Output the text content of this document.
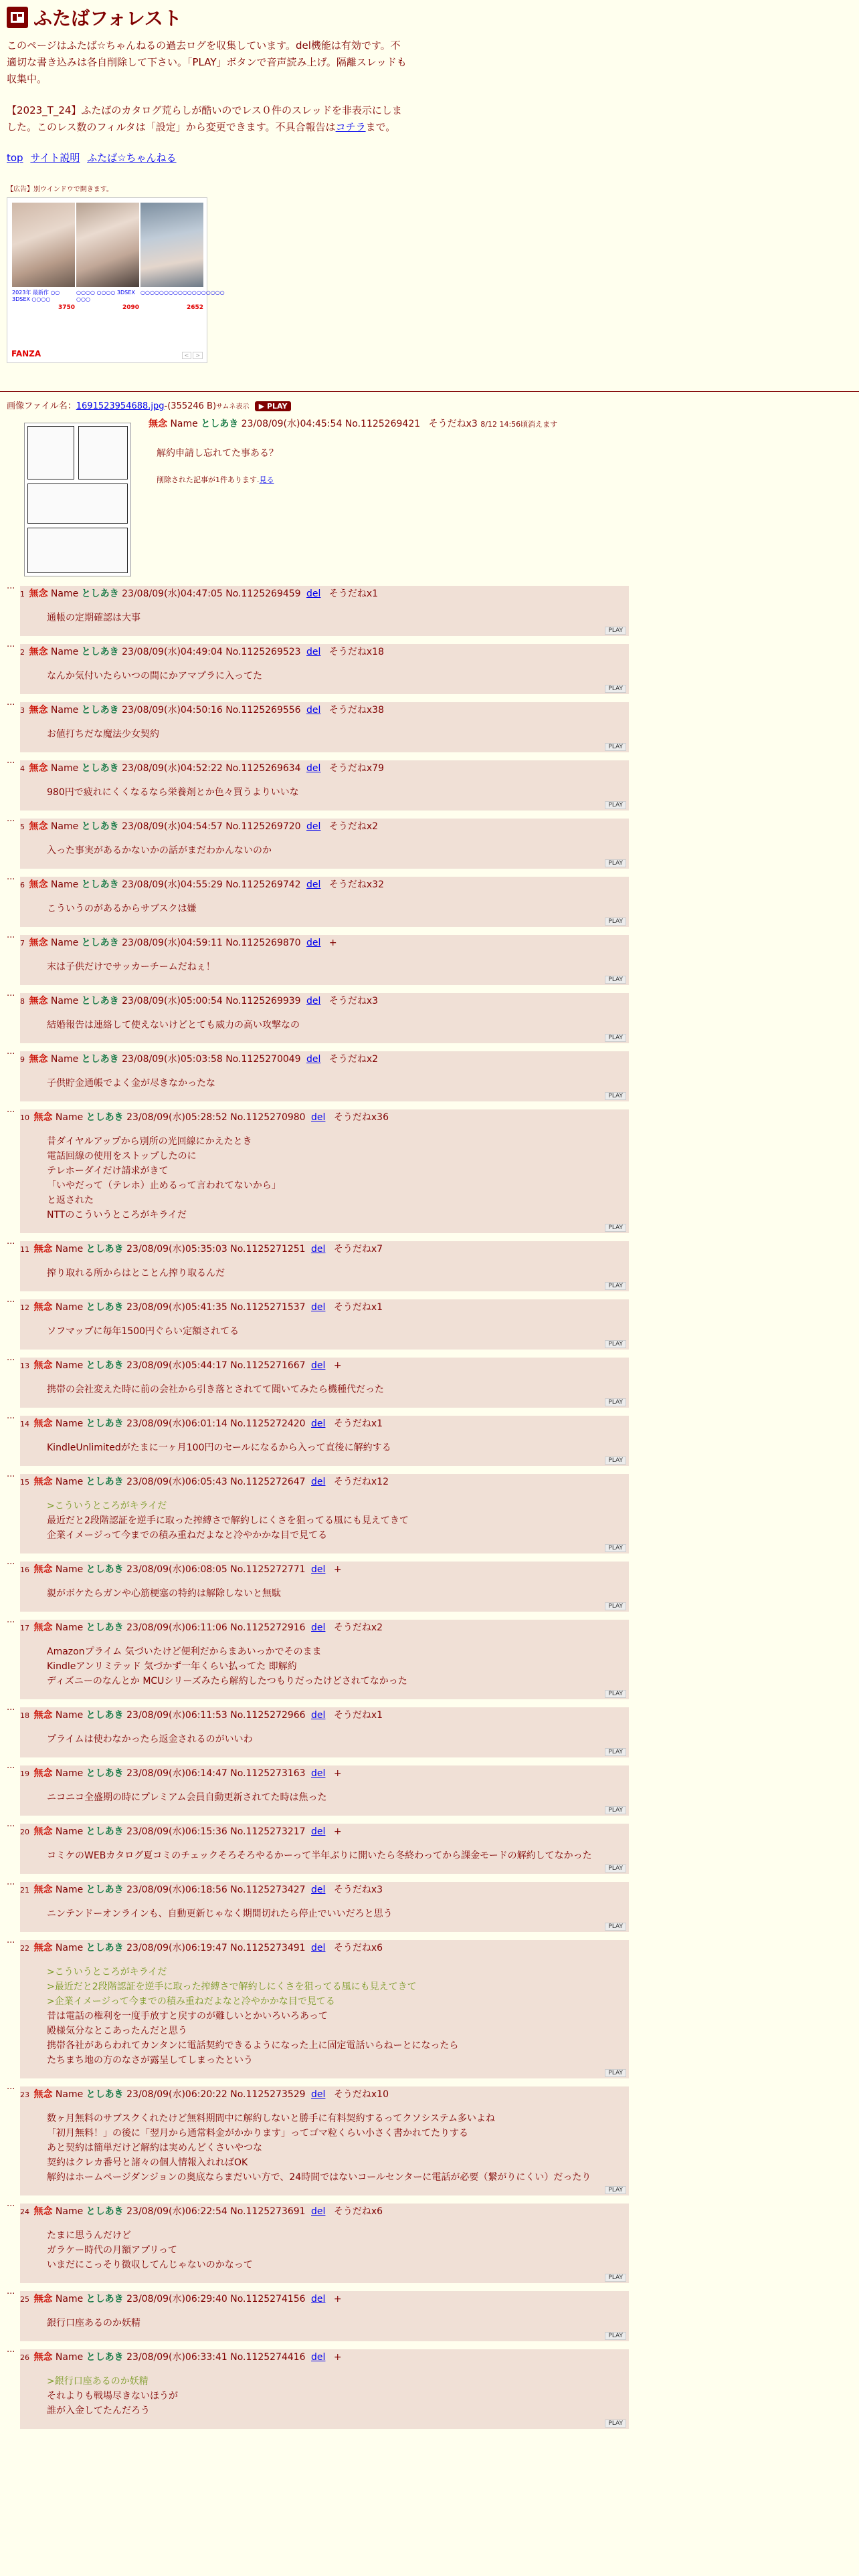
ふたばフォレスト

このページはふたば☆ちゃんねるの過去ログを収集しています。del機能は有効です。不適切な書き込みは各自削除して下さい。「PLAY」ボタンで音声読み上げ。隔離スレッドも収集中。

【2023_T_24】ふたばのカタログ荒らしが酷いのでレス０件のスレッドを非表示にしました。このレス数のフィルタは「設定」から変更できます。不具合報告はコチラまで。

top サイト説明 ふたば☆ちゃんねる
【広告】別ウインドウで開きます。
2023年 最新作 ○○ 3DSEX ○○○○
3750
○○○○ ○○○○ 3DSEX ○○○
2090
○○○○○○○○○○○○○○○○○○
2652
FANZA	< >
画像ファイル名：1691523954688.jpg-(355246 B)サムネ表示 ▶ PLAY
無念 Name としあき 23/08/09(水)04:45:54 No.1125269421 そうだねx3 8/12 14:56頃消えます
解約申請し忘れてた事ある？
削除された記事が1件あります.見る
···
1 無念 Name としあき 23/08/09(水)04:47:05 No.1125269459 del そうだねx1
通帳の定期確認は大事
PLAY
···
2 無念 Name としあき 23/08/09(水)04:49:04 No.1125269523 del そうだねx18
なんか気付いたらいつの間にかアマプラに入ってた
PLAY
···
3 無念 Name としあき 23/08/09(水)04:50:16 No.1125269556 del そうだねx38
お値打ちだな魔法少女契約
PLAY
···
4 無念 Name としあき 23/08/09(水)04:52:22 No.1125269634 del そうだねx79
980円で疲れにくくなるなら栄養剤とか色々買うよりいいな
PLAY
···
5 無念 Name としあき 23/08/09(水)04:54:57 No.1125269720 del そうだねx2
入った事実があるかないかの話がまだわかんないのか
PLAY
···
6 無念 Name としあき 23/08/09(水)04:55:29 No.1125269742 del そうだねx32
こういうのがあるからサブスクは嫌
PLAY
···
7 無念 Name としあき 23/08/09(水)04:59:11 No.1125269870 del +
末は子供だけでサッカーチームだねぇ！
PLAY
···
8 無念 Name としあき 23/08/09(水)05:00:54 No.1125269939 del そうだねx3
結婚報告は連絡して使えないけどとても威力の高い攻撃なの
PLAY
···
9 無念 Name としあき 23/08/09(水)05:03:58 No.1125270049 del そうだねx2
子供貯金通帳でよく金が尽きなかったな
PLAY
···
10 無念 Name としあき 23/08/09(水)05:28:52 No.1125270980 del そうだねx36
昔ダイヤルアップから別所の光回線にかえたとき
電話回線の使用をストップしたのに
テレホーダイだけ請求がきて
「いやだって（テレホ）止めるって言われてないから」
と返された
NTTのこういうところがキライだ
PLAY
···
11 無念 Name としあき 23/08/09(水)05:35:03 No.1125271251 del そうだねx7
搾り取れる所からはとことん搾り取るんだ
PLAY
···
12 無念 Name としあき 23/08/09(水)05:41:35 No.1125271537 del そうだねx1
ソフマップに毎年1500円ぐらい定額されてる
PLAY
···
13 無念 Name としあき 23/08/09(水)05:44:17 No.1125271667 del +
携帯の会社変えた時に前の会社から引き落とされてて聞いてみたら機種代だった
PLAY
···
14 無念 Name としあき 23/08/09(水)06:01:14 No.1125272420 del そうだねx1
KindleUnlimitedがたまに一ヶ月100円のセールになるから入って直後に解約する
PLAY
···
15 無念 Name としあき 23/08/09(水)06:05:43 No.1125272647 del そうだねx12
>こういうところがキライだ
最近だと2段階認証を逆手に取った搾縛さで解約しにくさを狙ってる風にも見えてきて
企業イメージって今までの積み重ねだよなと冷やかかな目で見てる
PLAY
···
16 無念 Name としあき 23/08/09(水)06:08:05 No.1125272771 del +
親がボケたらガンや心筋梗塞の特約は解除しないと無駄
PLAY
···
17 無念 Name としあき 23/08/09(水)06:11:06 No.1125272916 del そうだねx2
Amazonプライム 気づいたけど便利だからまあいっかでそのまま
Kindleアンリミテッド 気づかず一年くらい払ってた 即解約
ディズニーのなんとか MCUシリーズみたら解約したつもりだったけどされてなかった
PLAY
···
18 無念 Name としあき 23/08/09(水)06:11:53 No.1125272966 del そうだねx1
プライムは使わなかったら返金されるのがいいわ
PLAY
···
19 無念 Name としあき 23/08/09(水)06:14:47 No.1125273163 del +
ニコニコ全盛期の時にプレミアム会員自動更新されてた時は焦った
PLAY
···
20 無念 Name としあき 23/08/09(水)06:15:36 No.1125273217 del +
コミケのWEBカタログ夏コミのチェックそろそろやるかーって半年ぶりに開いたら冬終わってから課金モードの解約してなかった
PLAY
···
21 無念 Name としあき 23/08/09(水)06:18:56 No.1125273427 del そうだねx3
ニンテンドーオンラインも、自動更新じゃなく期間切れたら停止でいいだろと思う
PLAY
···
22 無念 Name としあき 23/08/09(水)06:19:47 No.1125273491 del そうだねx6
>こういうところがキライだ
>最近だと2段階認証を逆手に取った搾縛さで解約しにくさを狙ってる風にも見えてきて
>企業イメージって今までの積み重ねだよなと冷やかかな目で見てる
昔は電話の権利を一度手放すと戻すのが難しいとかいろいろあって
殿様気分なとこあったんだと思う
携帯各社があらわれてカンタンに電話契約できるようになった上に固定電話いらねーとになったら
たちまち地の方のなさが露呈してしまったという
PLAY
···
23 無念 Name としあき 23/08/09(水)06:20:22 No.1125273529 del そうだねx10
数ヶ月無料のサブスクくれたけど無料期間中に解約しないと勝手に有料契約するってクソシステム多いよね
「初月無料！」の後に「翌月から通常料金がかかります」ってゴマ粒くらい小さく書かれてたりする
あと契約は簡単だけど解約は実めんどくさいやつな
契約はクレカ番号と諸々の個人情報入れればOK
解約はホームページダンジョンの奥底ならまだいい方で、24時間ではないコールセンターに電話が必要（繋がりにくい）だったり
PLAY
···
24 無念 Name としあき 23/08/09(水)06:22:54 No.1125273691 del そうだねx6
たまに思うんだけど
ガラケー時代の月額アプリって
いまだにこっそり徴収してんじゃないのかなって
PLAY
···
25 無念 Name としあき 23/08/09(水)06:29:40 No.1125274156 del +
銀行口座あるのか妖精
PLAY
···
26 無念 Name としあき 23/08/09(水)06:33:41 No.1125274416 del +
>銀行口座あるのか妖精
それよりも戦場尽きないほうが
誰が入金してたんだろう
PLAY
